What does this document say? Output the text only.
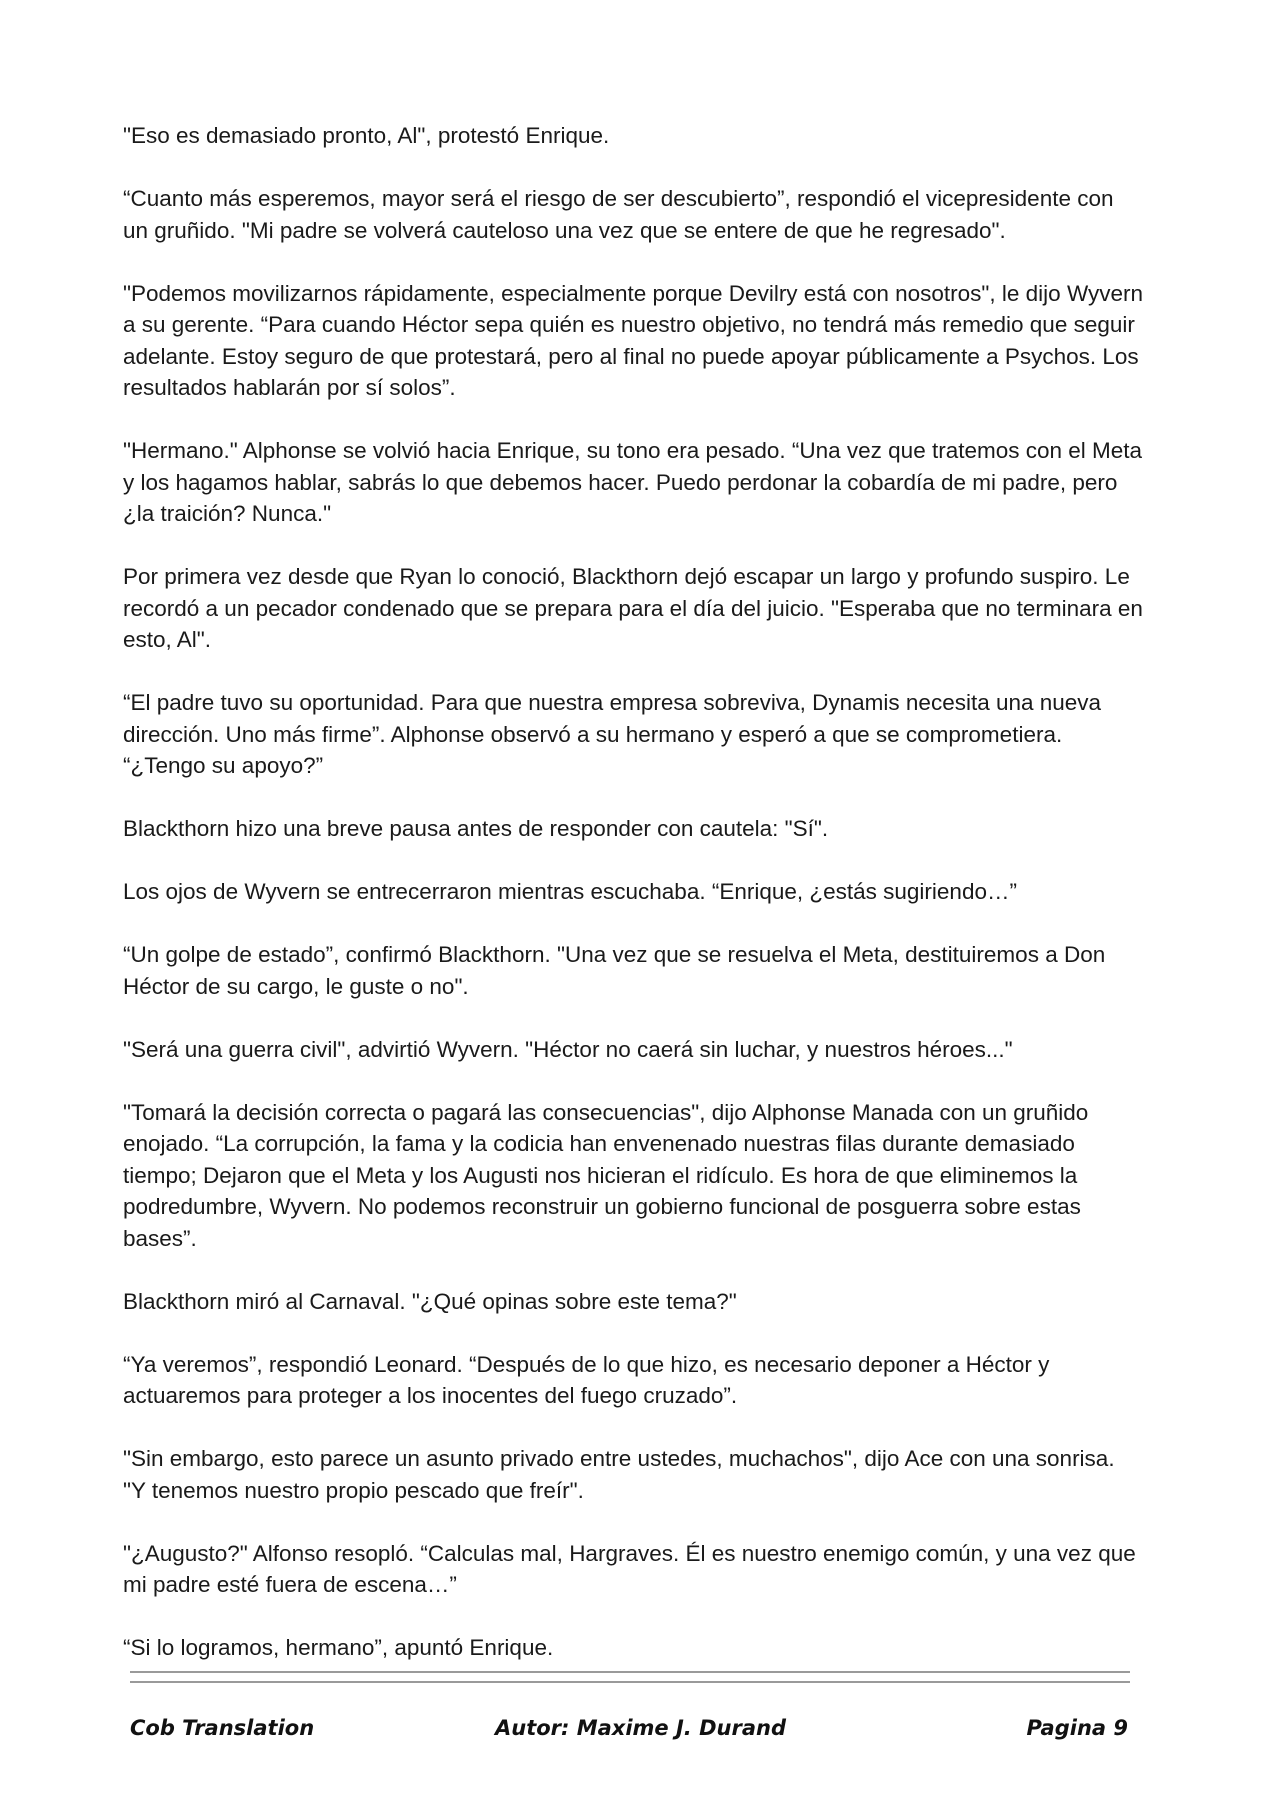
"Eso es demasiado pronto, Al", protestó Enrique.

“Cuanto más esperemos, mayor será el riesgo de ser descubierto”, respondió el vicepresidente con un gruñido. "Mi padre se volverá cauteloso una vez que se entere de que he regresado".

"Podemos movilizarnos rápidamente, especialmente porque Devilry está con nosotros", le dijo Wyvern a su gerente. “Para cuando Héctor sepa quién es nuestro objetivo, no tendrá más remedio que seguir adelante. Estoy seguro de que protestará, pero al final no puede apoyar públicamente a Psychos. Los resultados hablarán por sí solos”.

"Hermano." Alphonse se volvió hacia Enrique, su tono era pesado. “Una vez que tratemos con el Meta y los hagamos hablar, sabrás lo que debemos hacer. Puedo perdonar la cobardía de mi padre, pero ¿la traición? Nunca."

Por primera vez desde que Ryan lo conoció, Blackthorn dejó escapar un largo y profundo suspiro. Le recordó a un pecador condenado que se prepara para el día del juicio. "Esperaba que no terminara en esto, Al".

“El padre tuvo su oportunidad. Para que nuestra empresa sobreviva, Dynamis necesita una nueva dirección. Uno más firme”. Alphonse observó a su hermano y esperó a que se comprometiera. “¿Tengo su apoyo?”

Blackthorn hizo una breve pausa antes de responder con cautela: "Sí".

Los ojos de Wyvern se entrecerraron mientras escuchaba. “Enrique, ¿estás sugiriendo…”

“Un golpe de estado”, confirmó Blackthorn. "Una vez que se resuelva el Meta, destituiremos a Don Héctor de su cargo, le guste o no".

"Será una guerra civil", advirtió Wyvern. "Héctor no caerá sin luchar, y nuestros héroes..."

"Tomará la decisión correcta o pagará las consecuencias", dijo Alphonse Manada con un gruñido enojado. “La corrupción, la fama y la codicia han envenenado nuestras filas durante demasiado tiempo; Dejaron que el Meta y los Augusti nos hicieran el ridículo. Es hora de que eliminemos la podredumbre, Wyvern. No podemos reconstruir un gobierno funcional de posguerra sobre estas bases”.

Blackthorn miró al Carnaval. "¿Qué opinas sobre este tema?"

“Ya veremos”, respondió Leonard. “Después de lo que hizo, es necesario deponer a Héctor y actuaremos para proteger a los inocentes del fuego cruzado”.

"Sin embargo, esto parece un asunto privado entre ustedes, muchachos", dijo Ace con una sonrisa. "Y tenemos nuestro propio pescado que freír".

"¿Augusto?" Alfonso resopló. “Calculas mal, Hargraves. Él es nuestro enemigo común, y una vez que mi padre esté fuera de escena…”

“Si lo logramos, hermano”, apuntó Enrique.

Cob Translation	Autor: Maxime J. Durand	Pagina 9
